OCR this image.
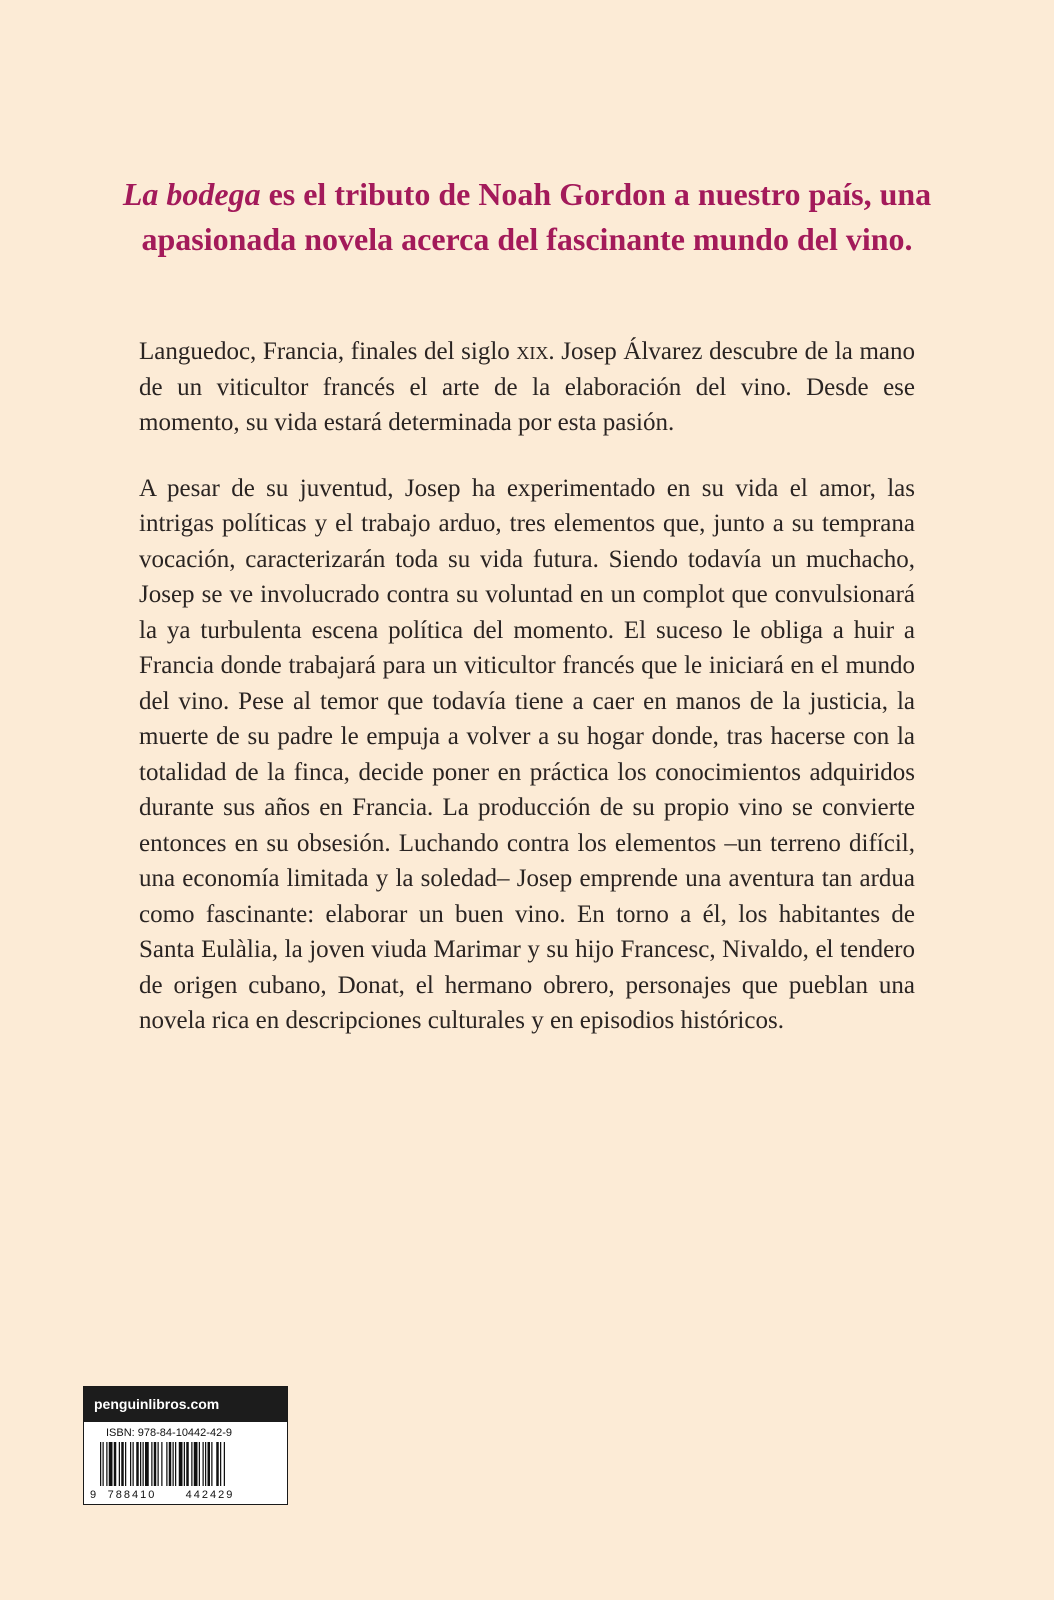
La bodega es el tributo de Noah Gordon a nuestro país, una apasionada novela acerca del fascinante mundo del vino.

Languedoc, Francia, finales del siglo xix. Josep Álvarez descubre de la mano de un viticultor francés el arte de la elaboración del vino. Desde ese momento, su vida estará determinada por esta pasión.

A pesar de su juventud, Josep ha experimentado en su vida el amor, las intrigas políticas y el trabajo arduo, tres elementos que, junto a su temprana vocación, caracterizarán toda su vida futura. Siendo todavía un muchacho, Josep se ve involucrado contra su voluntad en un complot que convulsionará la ya turbulenta escena política del momento. El suceso le obliga a huir a Francia donde trabajará para un viticultor francés que le iniciará en el mundo del vino. Pese al temor que todavía tiene a caer en manos de la justicia, la muerte de su padre le empuja a volver a su hogar donde, tras hacerse con la totalidad de la finca, decide poner en práctica los conocimientos adquiridos durante sus años en Francia. La producción de su propio vino se convierte entonces en su obsesión. Luchando contra los elementos –un terreno difícil, una economía limitada y la soledad– Josep emprende una aventura tan ardua como fascinante: elaborar un buen vino. En torno a él, los habitantes de Santa Eulàlia, la joven viuda Marimar y su hijo Francesc, Nivaldo, el tendero de origen cubano, Donat, el hermano obrero, personajes que pueblan una novela rica en descripciones culturales y en episodios históricos.

penguinlibros.com
ISBN: 978-84-10442-42-9
9 788410	442429
